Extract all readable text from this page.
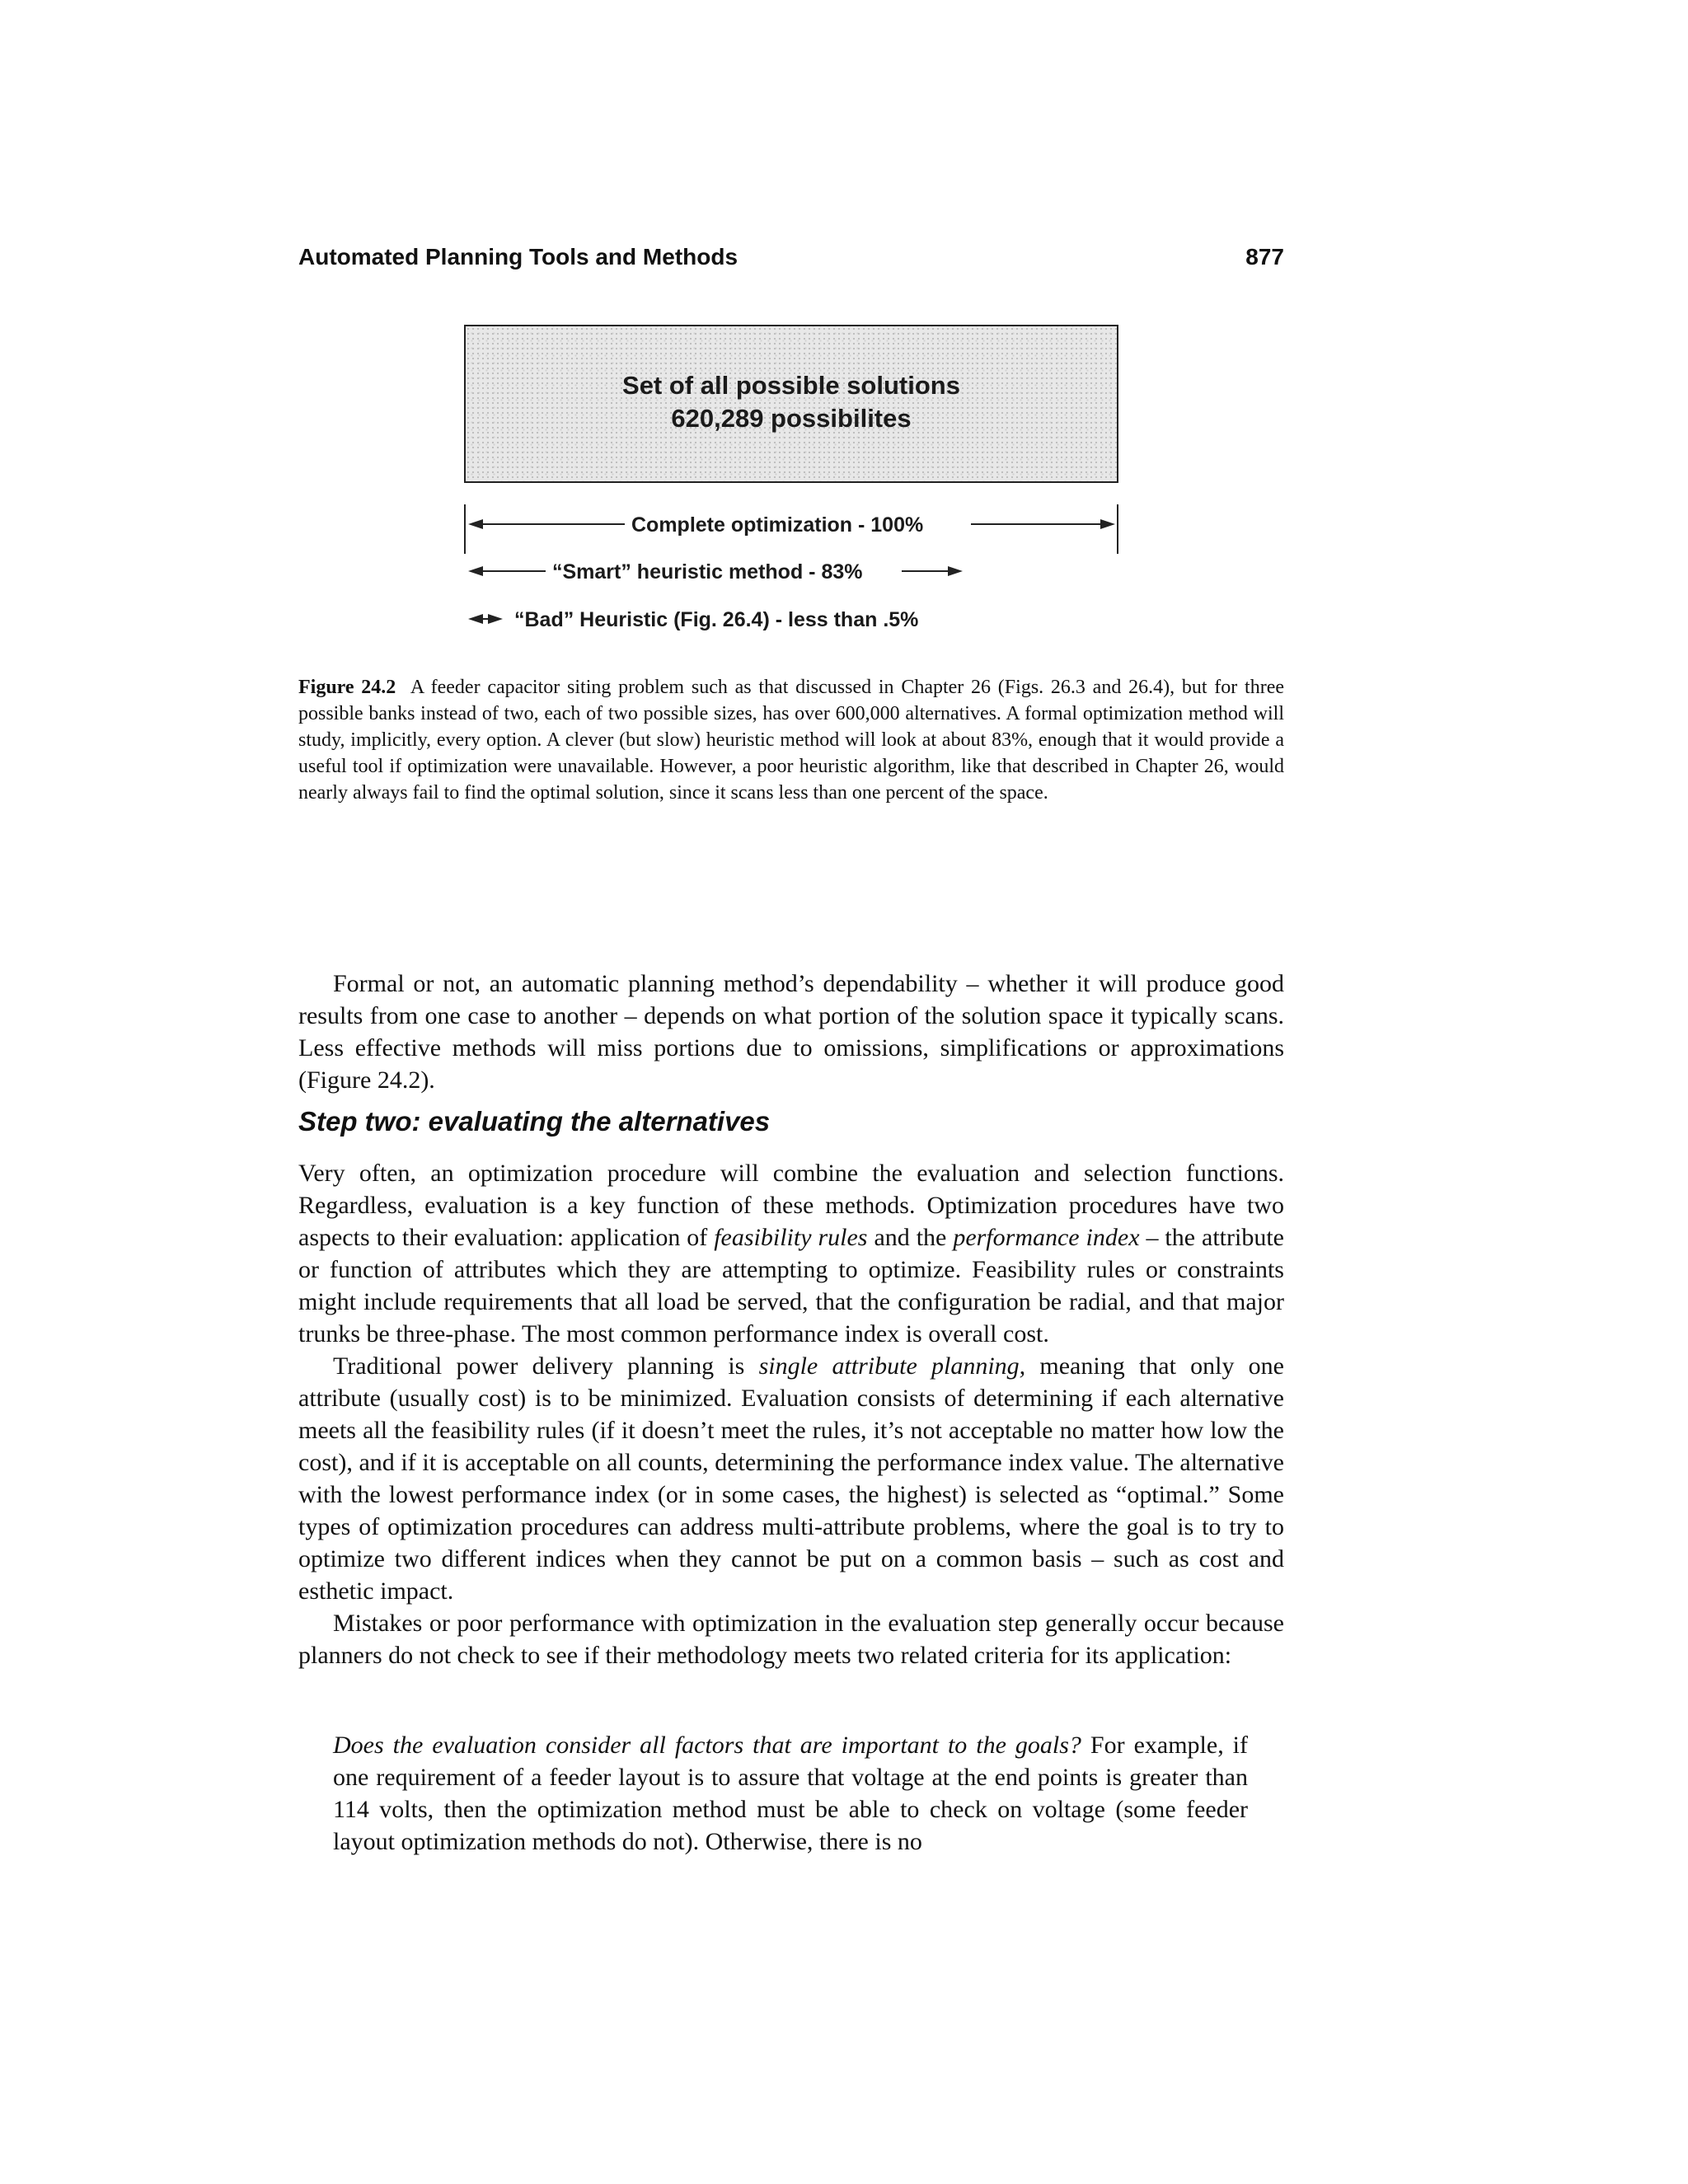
Automated Planning Tools and Methods	877
Set of all possible solutions
620,289 possibilites
Complete optimization - 100%
“Smart” heuristic method - 83%
“Bad” Heuristic (Fig. 26.4) - less than .5%
Figure 24.2 A feeder capacitor siting problem such as that discussed in Chapter 26 (Figs. 26.3 and 26.4), but for three possible banks instead of two, each of two possible sizes, has over 600,000 alternatives. A formal optimization method will study, implicitly, every option. A clever (but slow) heuristic method will look at about 83%, enough that it would provide a useful tool if optimization were unavailable. However, a poor heuristic algorithm, like that described in Chapter 26, would nearly always fail to find the optimal solution, since it scans less than one percent of the space.

Formal or not, an automatic planning method’s dependability – whether it will produce good results from one case to another – depends on what portion of the solution space it typically scans. Less effective methods will miss portions due to omissions, simplifications or approximations (Figure 24.2).

Step two: evaluating the alternatives

Very often, an optimization procedure will combine the evaluation and selection functions. Regardless, evaluation is a key function of these methods. Optimization procedures have two aspects to their evaluation: application of feasibility rules and the performance index – the attribute or function of attributes which they are attempting to optimize. Feasibility rules or constraints might include requirements that all load be served, that the configuration be radial, and that major trunks be three-phase. The most common performance index is overall cost.

Traditional power delivery planning is single attribute planning, meaning that only one attribute (usually cost) is to be minimized. Evaluation consists of determining if each alternative meets all the feasibility rules (if it doesn’t meet the rules, it’s not acceptable no matter how low the cost), and if it is acceptable on all counts, determining the performance index value. The alternative with the lowest performance index (or in some cases, the highest) is selected as “optimal.” Some types of optimization procedures can address multi-attribute problems, where the goal is to try to optimize two different indices when they cannot be put on a common basis – such as cost and esthetic impact.

Mistakes or poor performance with optimization in the evaluation step generally occur because planners do not check to see if their methodology meets two related criteria for its application:

Does the evaluation consider all factors that are important to the goals? For example, if one requirement of a feeder layout is to assure that voltage at the end points is greater than 114 volts, then the optimization method must be able to check on voltage (some feeder layout optimization methods do not). Otherwise, there is no
